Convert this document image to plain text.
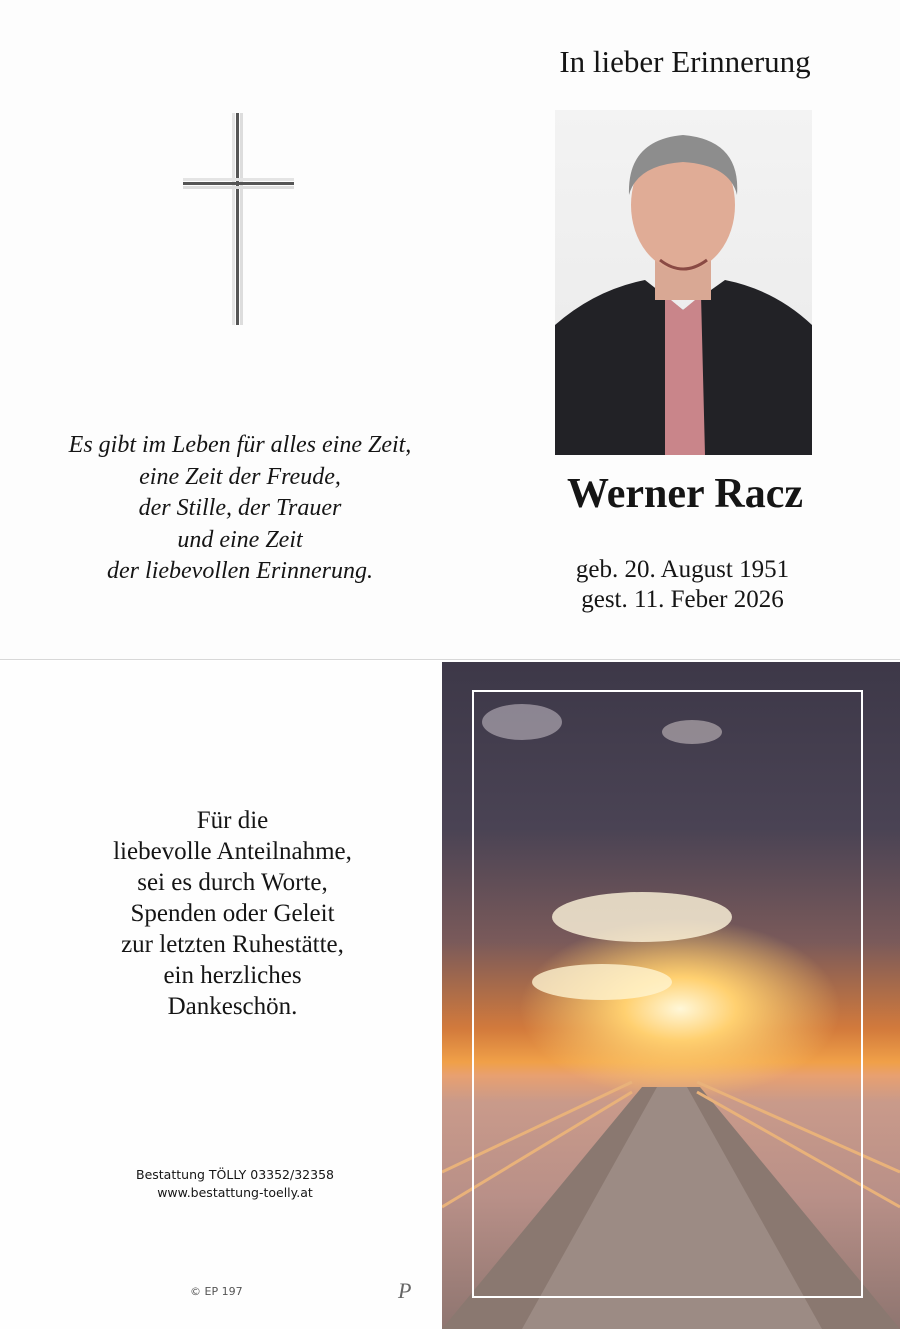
In lieber Erinnerung
Es gibt im Leben für alles eine Zeit,
eine Zeit der Freude,
der Stille, der Trauer
und eine Zeit
der liebevollen Erinnerung.
Werner Racz
geb. 20. August 1951
gest. 11. Feber 2026
Für die
liebevolle Anteilnahme,
sei es durch Worte,
Spenden oder Geleit
zur letzten Ruhestätte,
ein herzliches
Dankeschön.
Bestattung TÖLLY 03352/32358
www.bestattung-toelly.at
© EP 197	P
